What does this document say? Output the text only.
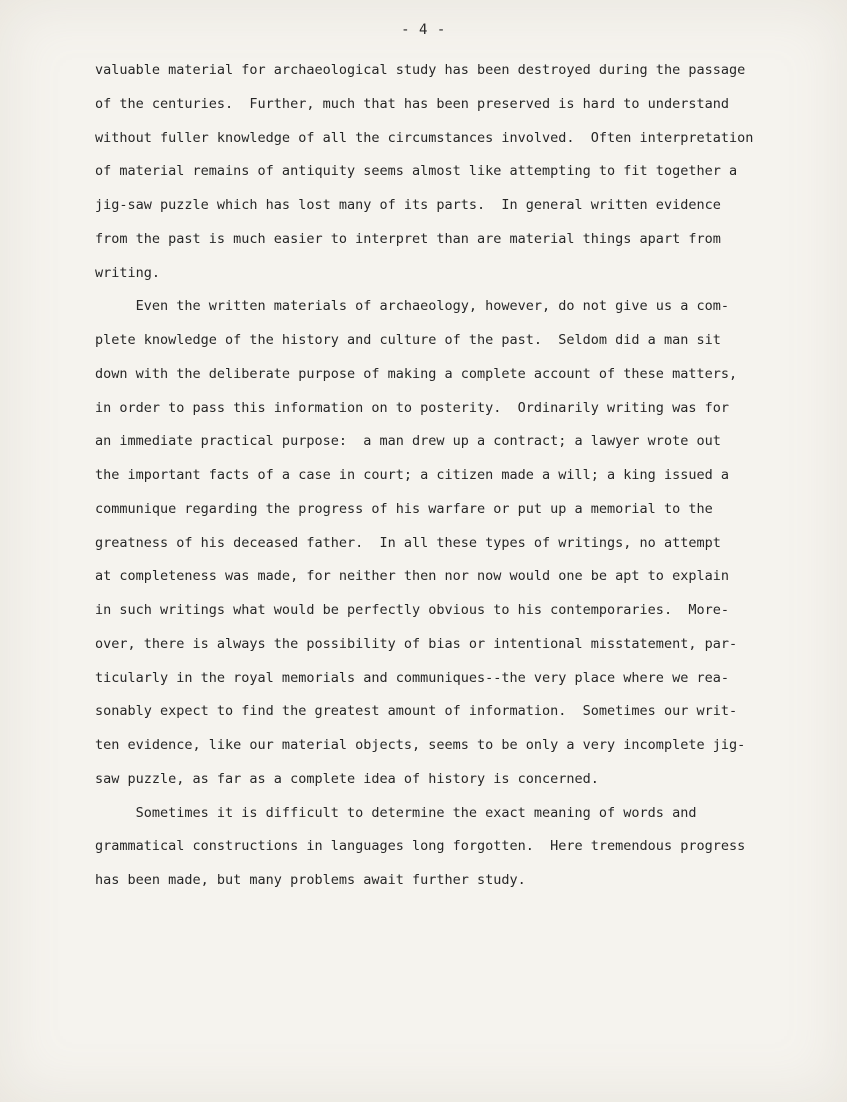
- 4 -
valuable material for archaeological study has been destroyed during the passage
of the centuries.  Further, much that has been preserved is hard to understand
without fuller knowledge of all the circumstances involved.  Often interpretation
of material remains of antiquity seems almost like attempting to fit together a
jig-saw puzzle which has lost many of its parts.  In general written evidence
from the past is much easier to interpret than are material things apart from
writing.
Even the written materials of archaeology, however, do not give us a com-
plete knowledge of the history and culture of the past.  Seldom did a man sit
down with the deliberate purpose of making a complete account of these matters,
in order to pass this information on to posterity.  Ordinarily writing was for
an immediate practical purpose:  a man drew up a contract; a lawyer wrote out
the important facts of a case in court; a citizen made a will; a king issued a
communique regarding the progress of his warfare or put up a memorial to the
greatness of his deceased father.  In all these types of writings, no attempt
at completeness was made, for neither then nor now would one be apt to explain
in such writings what would be perfectly obvious to his contemporaries.  More-
over, there is always the possibility of bias or intentional misstatement, par-
ticularly in the royal memorials and communiques--the very place where we rea-
sonably expect to find the greatest amount of information.  Sometimes our writ-
ten evidence, like our material objects, seems to be only a very incomplete jig-
saw puzzle, as far as a complete idea of history is concerned.
Sometimes it is difficult to determine the exact meaning of words and
grammatical constructions in languages long forgotten.  Here tremendous progress
has been made, but many problems await further study.
